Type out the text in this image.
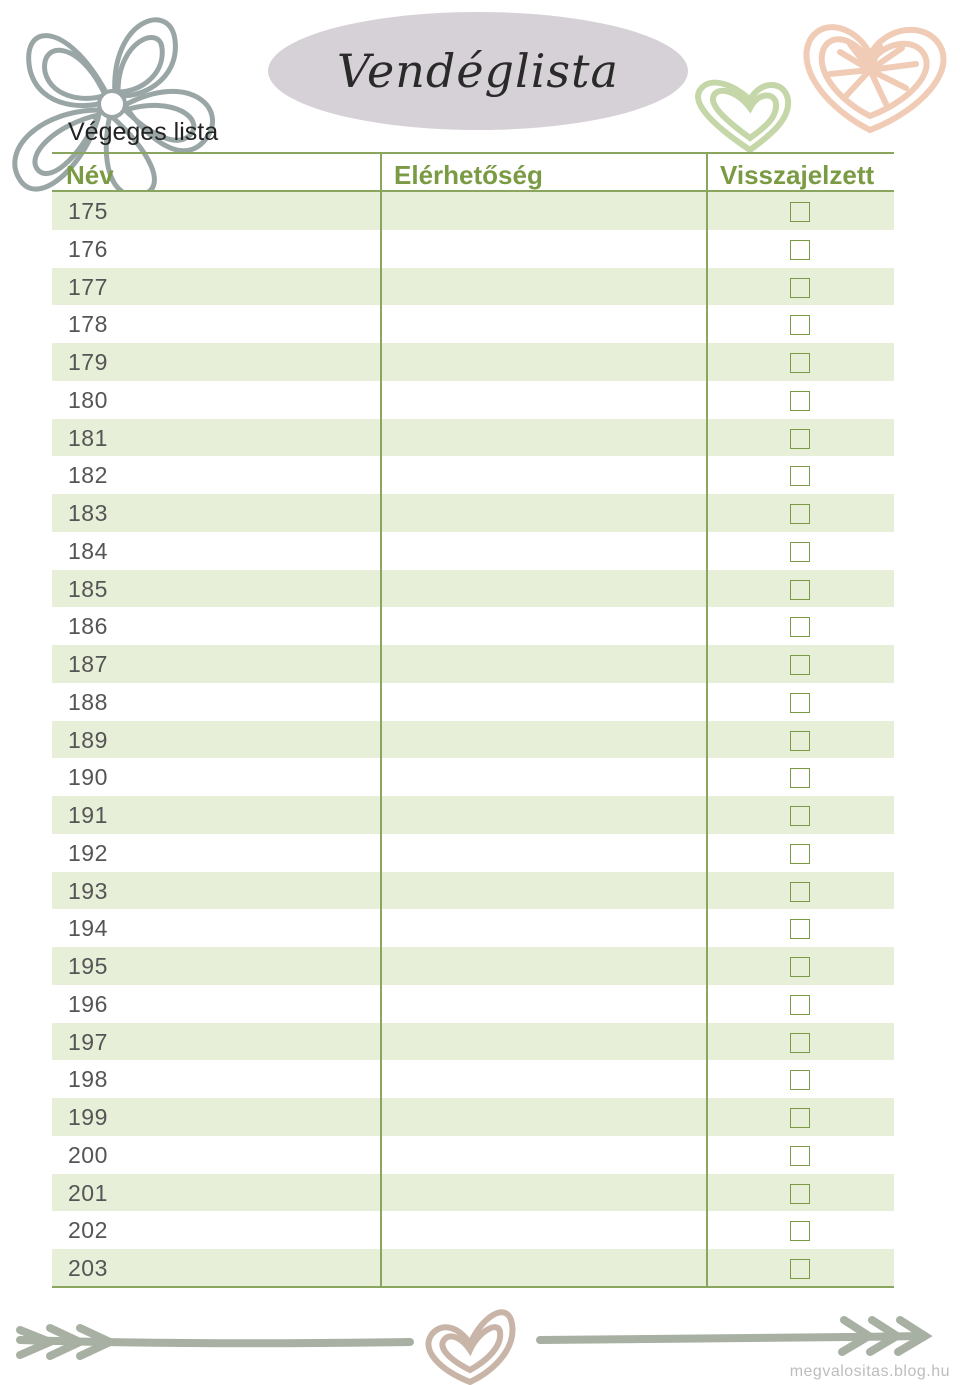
Vendéglista
Végeges lista
Név	Elérhetőség	Visszajelzett
175
176
177
178
179
180
181
182
183
184
185
186
187
188
189
190
191
192
193
194
195
196
197
198
199
200
201
202
203
megvalositas.blog.hu
